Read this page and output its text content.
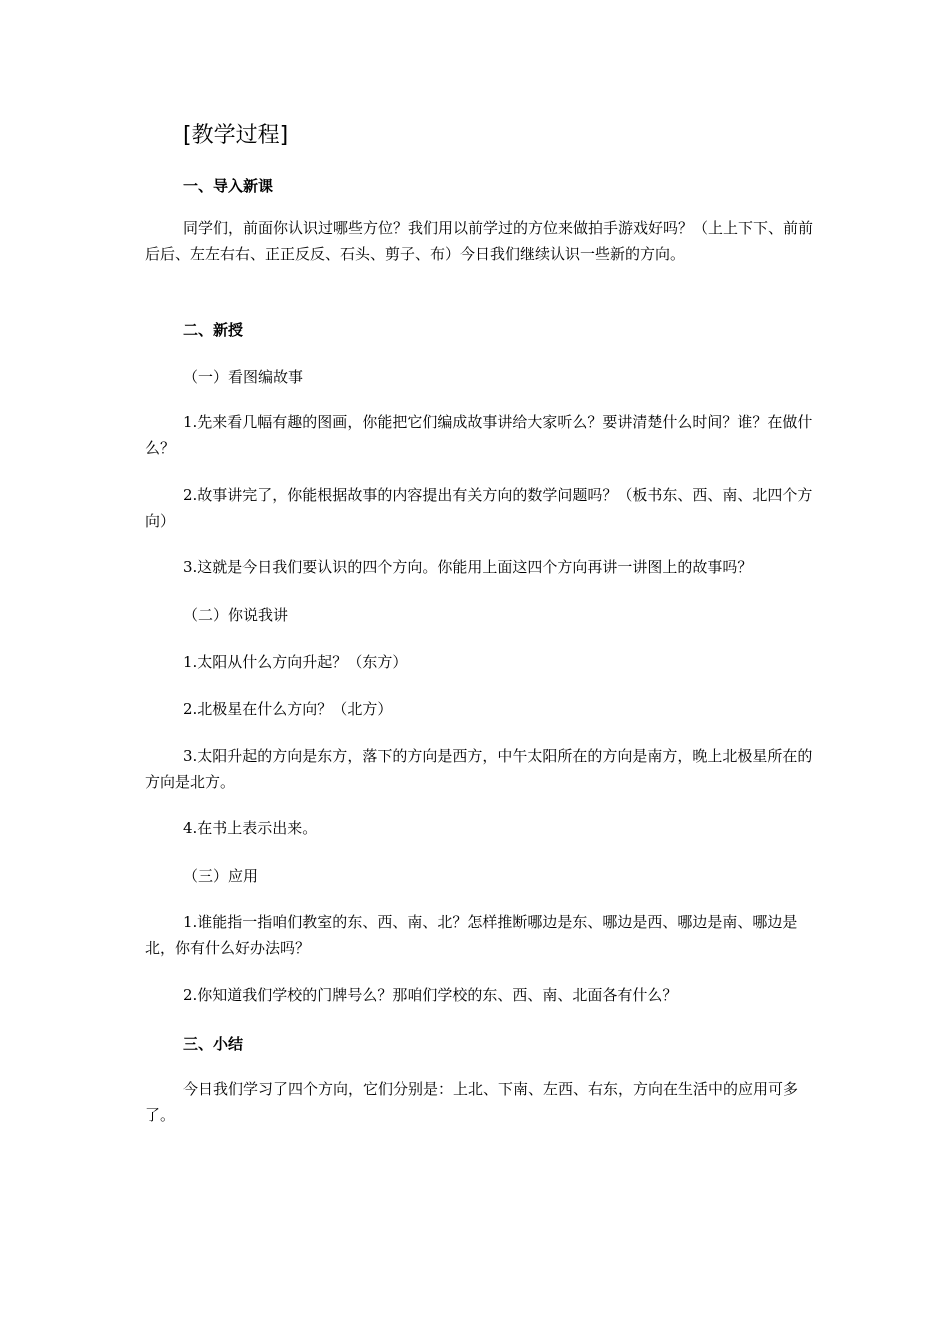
[教学过程]
一、导入新课

同学们，前面你认识过哪些方位？我们用以前学过的方位来做拍手游戏好吗？（上上下下、前前后后、左左右右、正正反反、石头、剪子、布）今日我们继续认识一些新的方向。

二、新授

（一）看图编故事

1.先来看几幅有趣的图画，你能把它们编成故事讲给大家听么？要讲清楚什么时间？谁？在做什么？

2.故事讲完了，你能根据故事的内容提出有关方向的数学问题吗？（板书东、西、南、北四个方向）

3.这就是今日我们要认识的四个方向。你能用上面这四个方向再讲一讲图上的故事吗？

（二）你说我讲

1.太阳从什么方向升起？（东方）

2.北极星在什么方向？（北方）

3.太阳升起的方向是东方，落下的方向是西方，中午太阳所在的方向是南方，晚上北极星所在的方向是北方。

4.在书上表示出来。

（三）应用

1.谁能指一指咱们教室的东、西、南、北？怎样推断哪边是东、哪边是西、哪边是南、哪边是北，你有什么好办法吗？

2.你知道我们学校的门牌号么？那咱们学校的东、西、南、北面各有什么？

三、小结

今日我们学习了四个方向，它们分别是：上北、下南、左西、右东，方向在生活中的应用可多了。
